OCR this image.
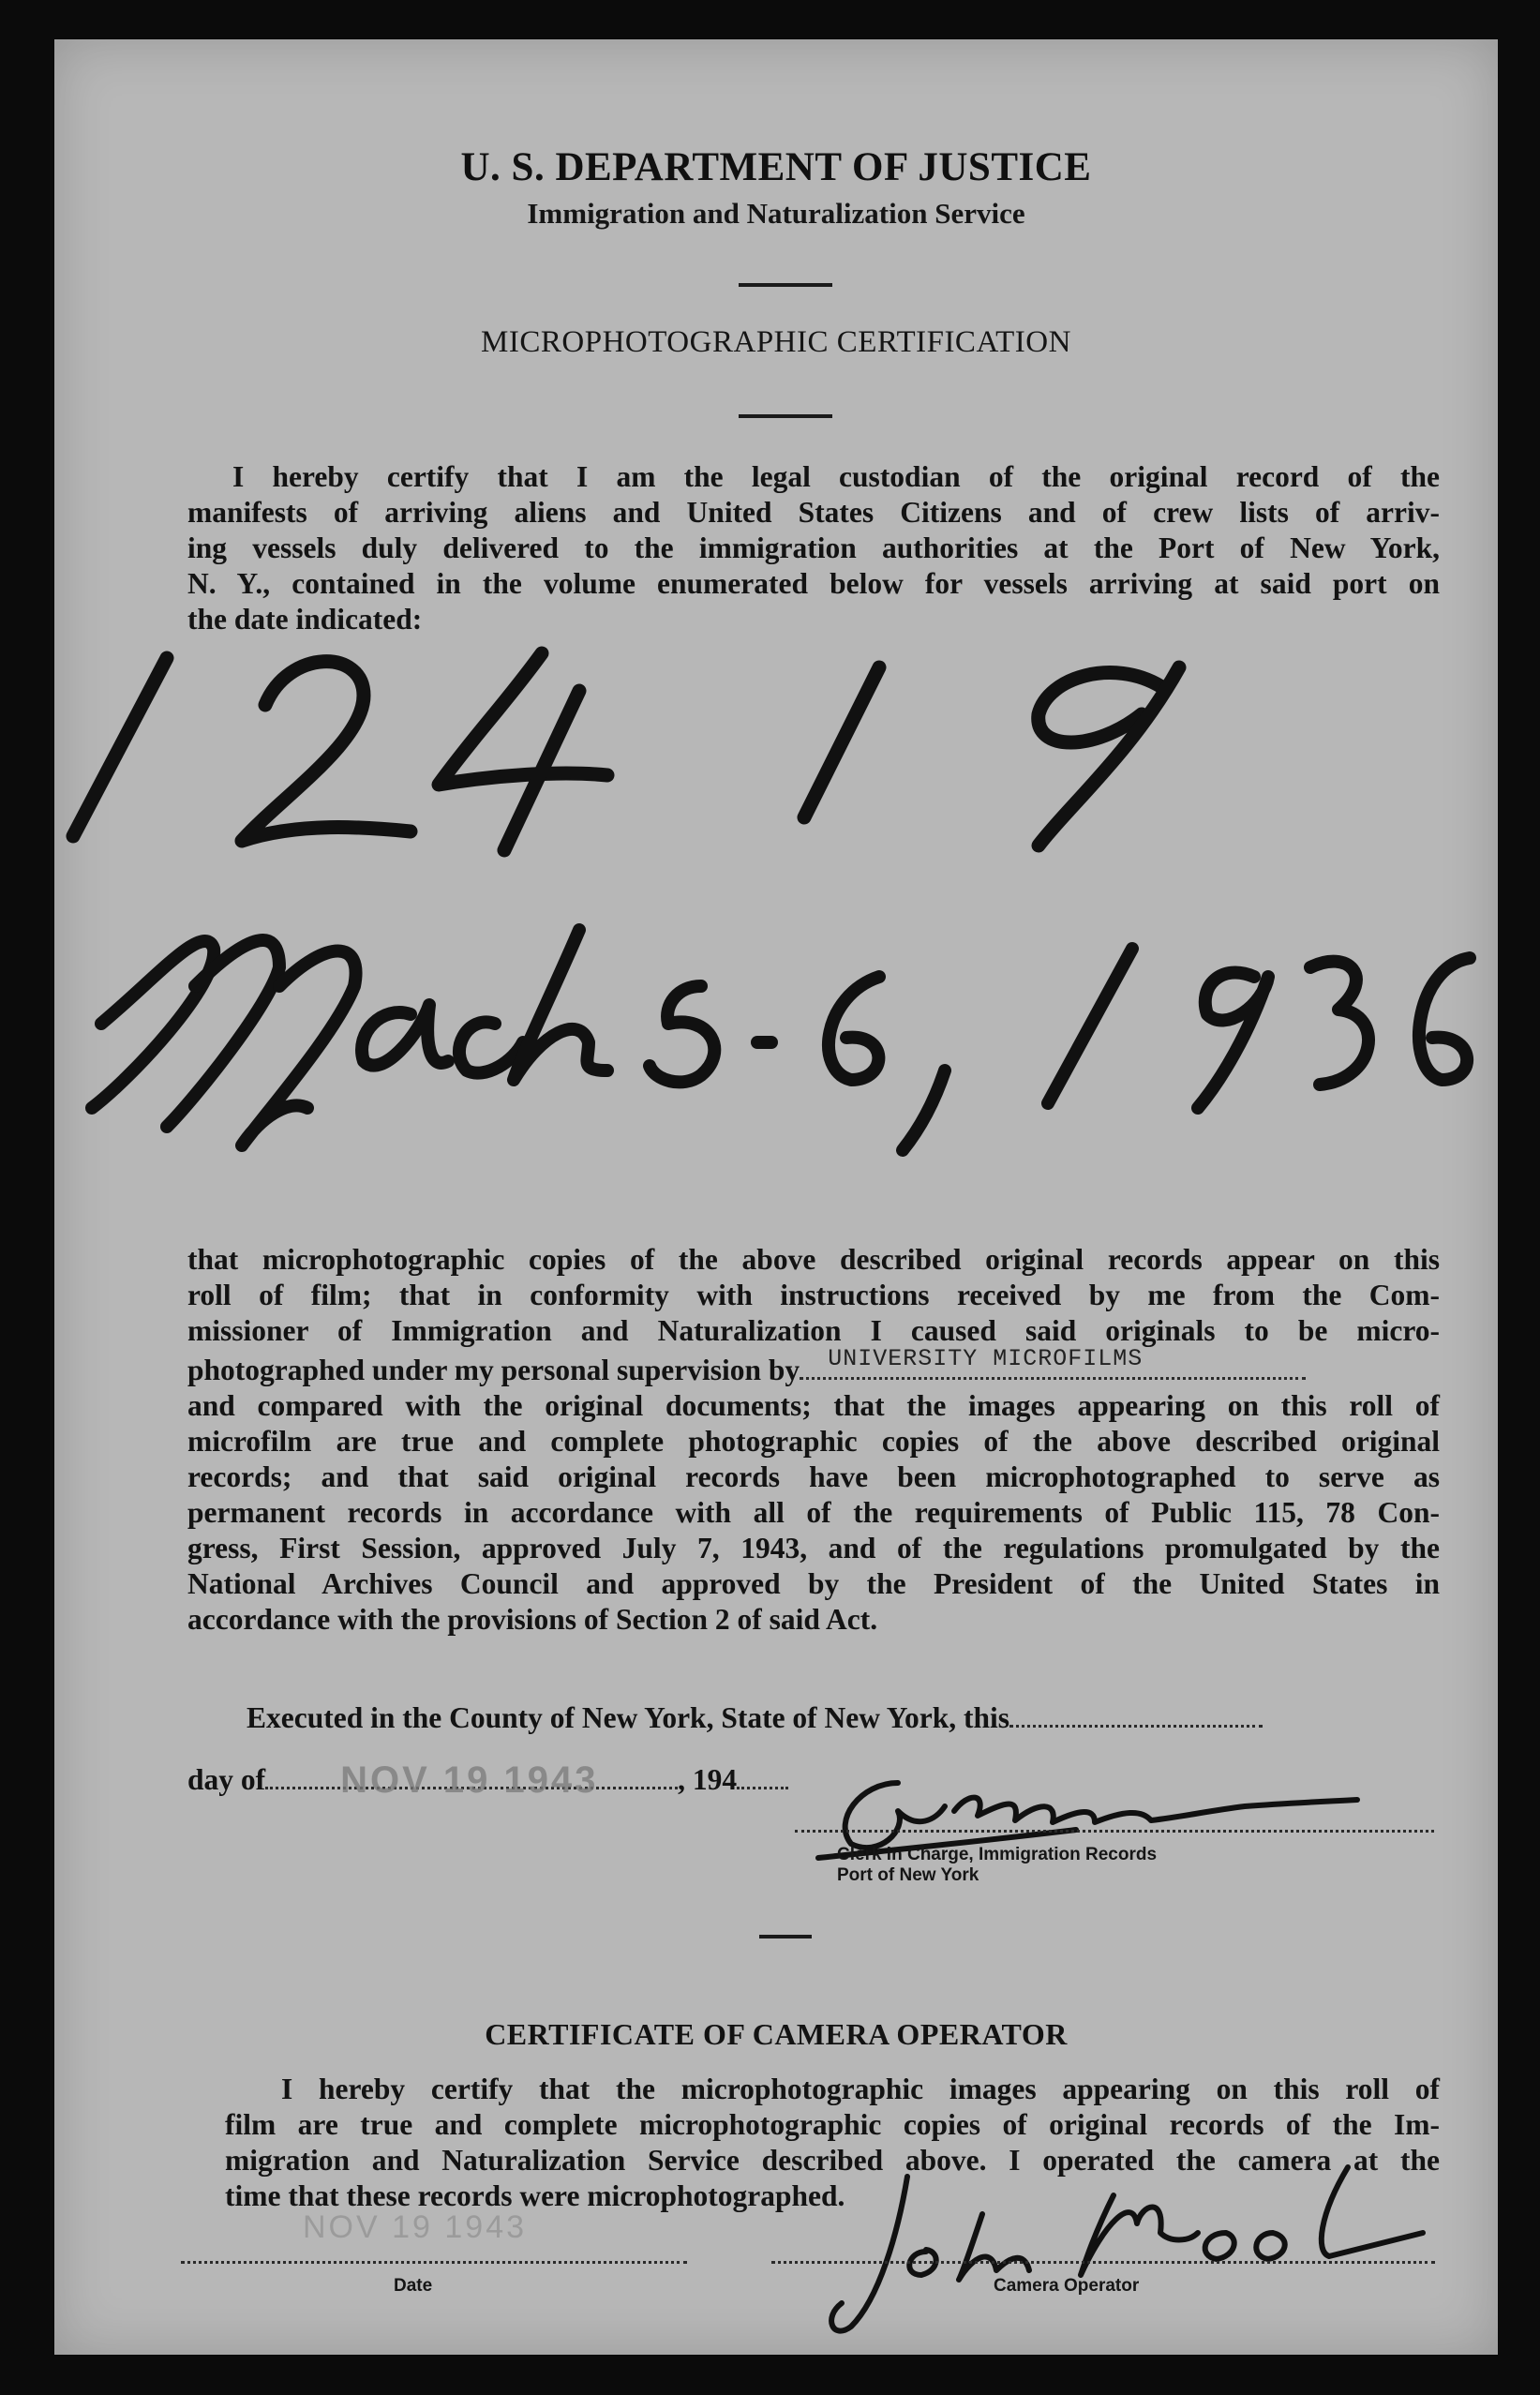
U. S. DEPARTMENT OF JUSTICE
Immigration and Naturalization Service
MICROPHOTOGRAPHIC CERTIFICATION
I hereby certify that I am the legal custodian of the original record of the
manifests of arriving aliens and United States Citizens and of crew lists of arriv-
ing vessels duly delivered to the immigration authorities at the Port of New York,
N. Y., contained in the volume enumerated below for vessels arriving at said port on
the date indicated:
that microphotographic copies of the above described original records appear on this
roll of film; that in conformity with instructions received by me from the Com-
missioner of Immigration and Naturalization I caused said originals to be micro-
photographed under my personal supervision by UNIVERSITY MICROFILMS
and compared with the original documents; that the images appearing on this roll of
microfilm are true and complete photographic copies of the above described original
records; and that said original records have been microphotographed to serve as
permanent records in accordance with all of the requirements of Public 115, 78 Con-
gress, First Session, approved July 7, 1943, and of the regulations promulgated by the
National Archives Council and approved by the President of the United States in
accordance with the provisions of Section 2 of said Act.
Executed in the County of New York, State of New York, this
day of NOV 19 1943	, 194
Clerk in Charge, Immigration Records
Port of New York
CERTIFICATE OF CAMERA OPERATOR
I hereby certify that the microphotographic images appearing on this roll of
film are true and complete microphotographic copies of original records of the Im-
migration and Naturalization Service described above. I operated the camera at the
time that these records were microphotographed.
NOV 19 1943
Date	Camera Operator
